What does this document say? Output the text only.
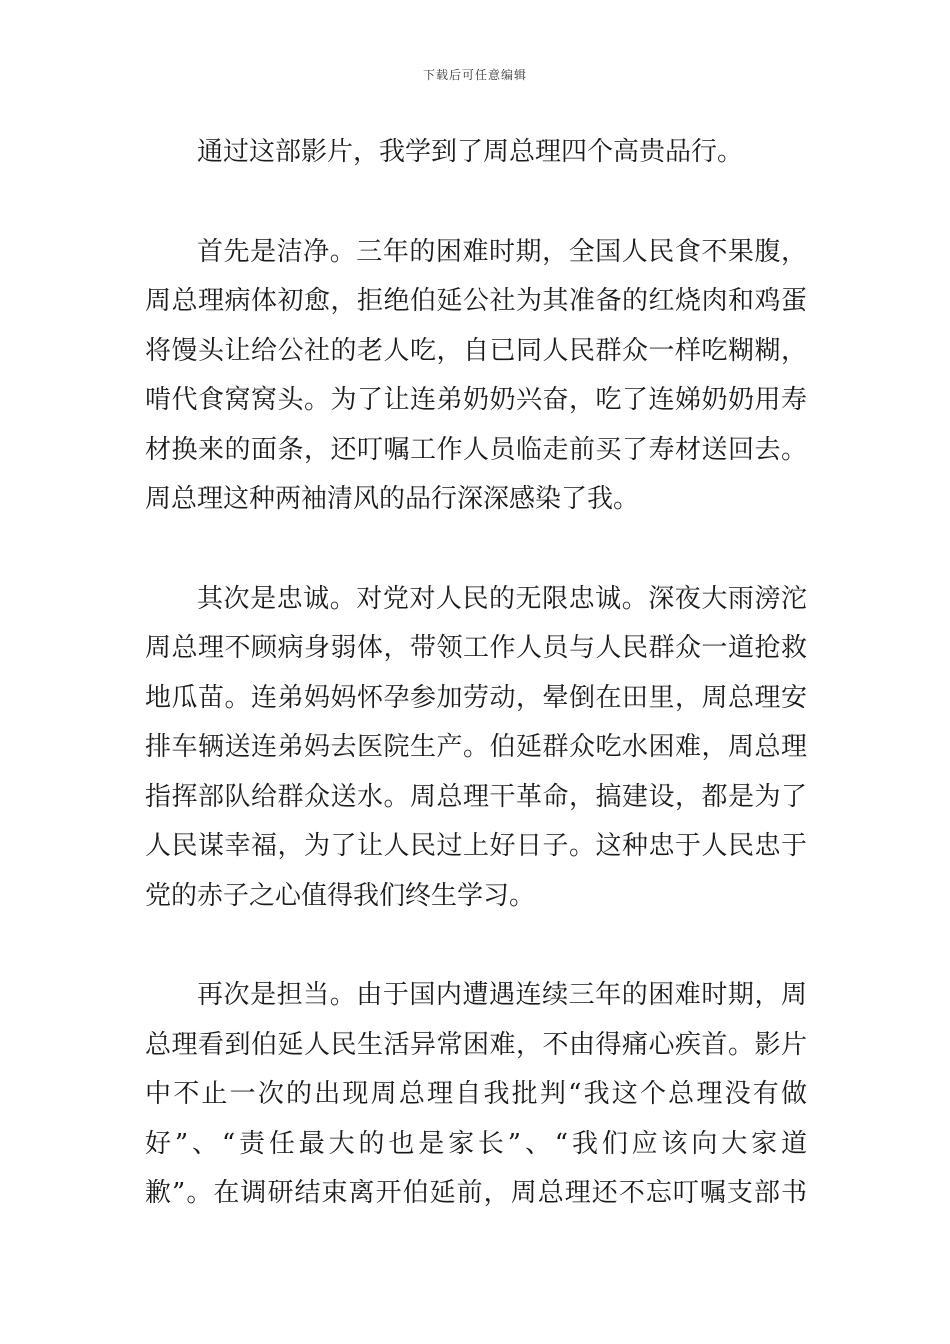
下载后可任意编辑

通过这部影片，我学到了周总理四个高贵品行。

首先是洁净。三年的困难时期，全国人民食不果腹，
周总理病体初愈，拒绝伯延公社为其准备的红烧肉和鸡蛋
将馒头让给公社的老人吃，自已同人民群众一样吃糊糊，
啃代食窝窝头。为了让连弟奶奶兴奋，吃了连娣奶奶用寿
材换来的面条，还叮嘱工作人员临走前买了寿材送回去。
周总理这种两袖清风的品行深深感染了我。

其次是忠诚。对党对人民的无限忠诚。深夜大雨滂沱
周总理不顾病身弱体，带领工作人员与人民群众一道抢救
地瓜苗。连弟妈妈怀孕参加劳动，晕倒在田里，周总理安
排车辆送连弟妈去医院生产。伯延群众吃水困难，周总理
指挥部队给群众送水。周总理干革命，搞建设，都是为了
人民谋幸福，为了让人民过上好日子。这种忠于人民忠于
党的赤子之心值得我们终生学习。

再次是担当。由于国内遭遇连续三年的困难时期，周
总理看到伯延人民生活异常困难，不由得痛心疾首。影片
中不止一次的出现周总理自我批判“我这个总理没有做
好”、“责任最大的也是家长”、“我们应该向大家道
歉”。在调研结束离开伯延前，周总理还不忘叮嘱支部书
